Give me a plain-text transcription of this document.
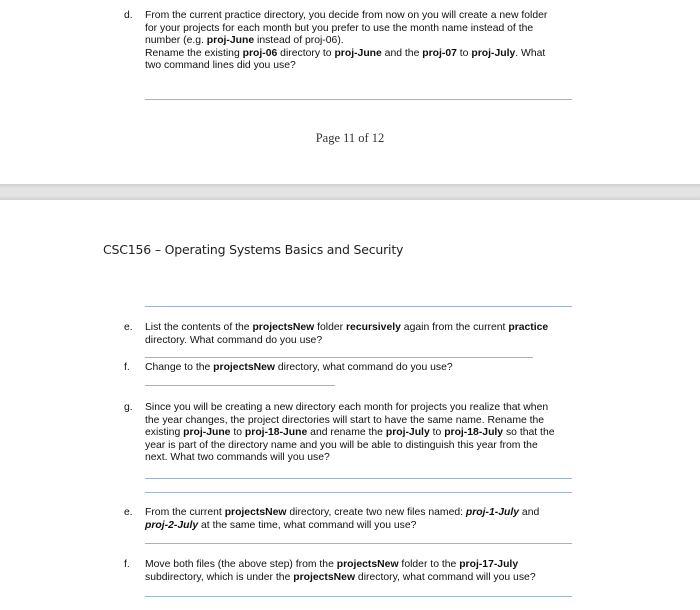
d. From the current practice directory, you decide from now on you will create a new folder
for your projects for each month but you prefer to use the month name instead of the
number (e.g. proj-June instead of proj-06).
Rename the existing proj-06 directory to proj-June and the proj-07 to proj-July. What
two command lines did you use?
Page 11 of 12
CSC156 – Operating Systems Basics and Security
e. List the contents of the projectsNew folder recursively again from the current practice
directory. What command do you use?
f. Change to the projectsNew directory, what command do you use?
g. Since you will be creating a new directory each month for projects you realize that when
the year changes, the project directories will start to have the same name. Rename the
existing proj-June to proj-18-June and rename the proj-July to proj-18-July so that the
year is part of the directory name and you will be able to distinguish this year from the
next. What two commands will you use?
e. From the current projectsNew directory, create two new files named: proj-1-July and
proj-2-July at the same time, what command will you use?
f. Move both files (the above step) from the projectsNew folder to the proj-17-July
subdirectory, which is under the projectsNew directory, what command will you use?
